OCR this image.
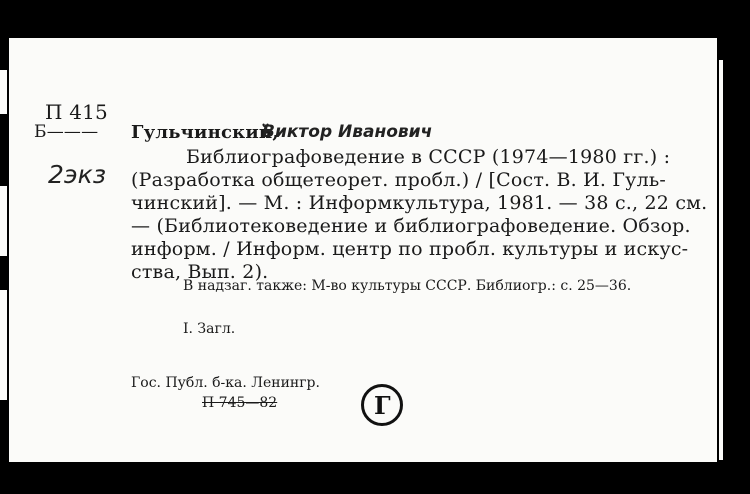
П 415
Б——— Гульчинский,
Виктор Иванович
2экз
Библиографоведение в СССР (1974—1980 гг.) :
(Разработка общетеорет. пробл.) / [Сост. В. И. Гуль-
чинский]. — М. : Информкультура, 1981. — 38 с., 22 см.
— (Библиотековедение и библиографоведение. Обзор.
информ. / Информ. центр по пробл. культуры и искус-
ства, Вып. 2).
В надзаг. также: М-во культуры СССР. Библиогр.: с. 25—36.
I. Загл.
Гос. Публ. б-ка. Ленингр.
П 745—82	Г
